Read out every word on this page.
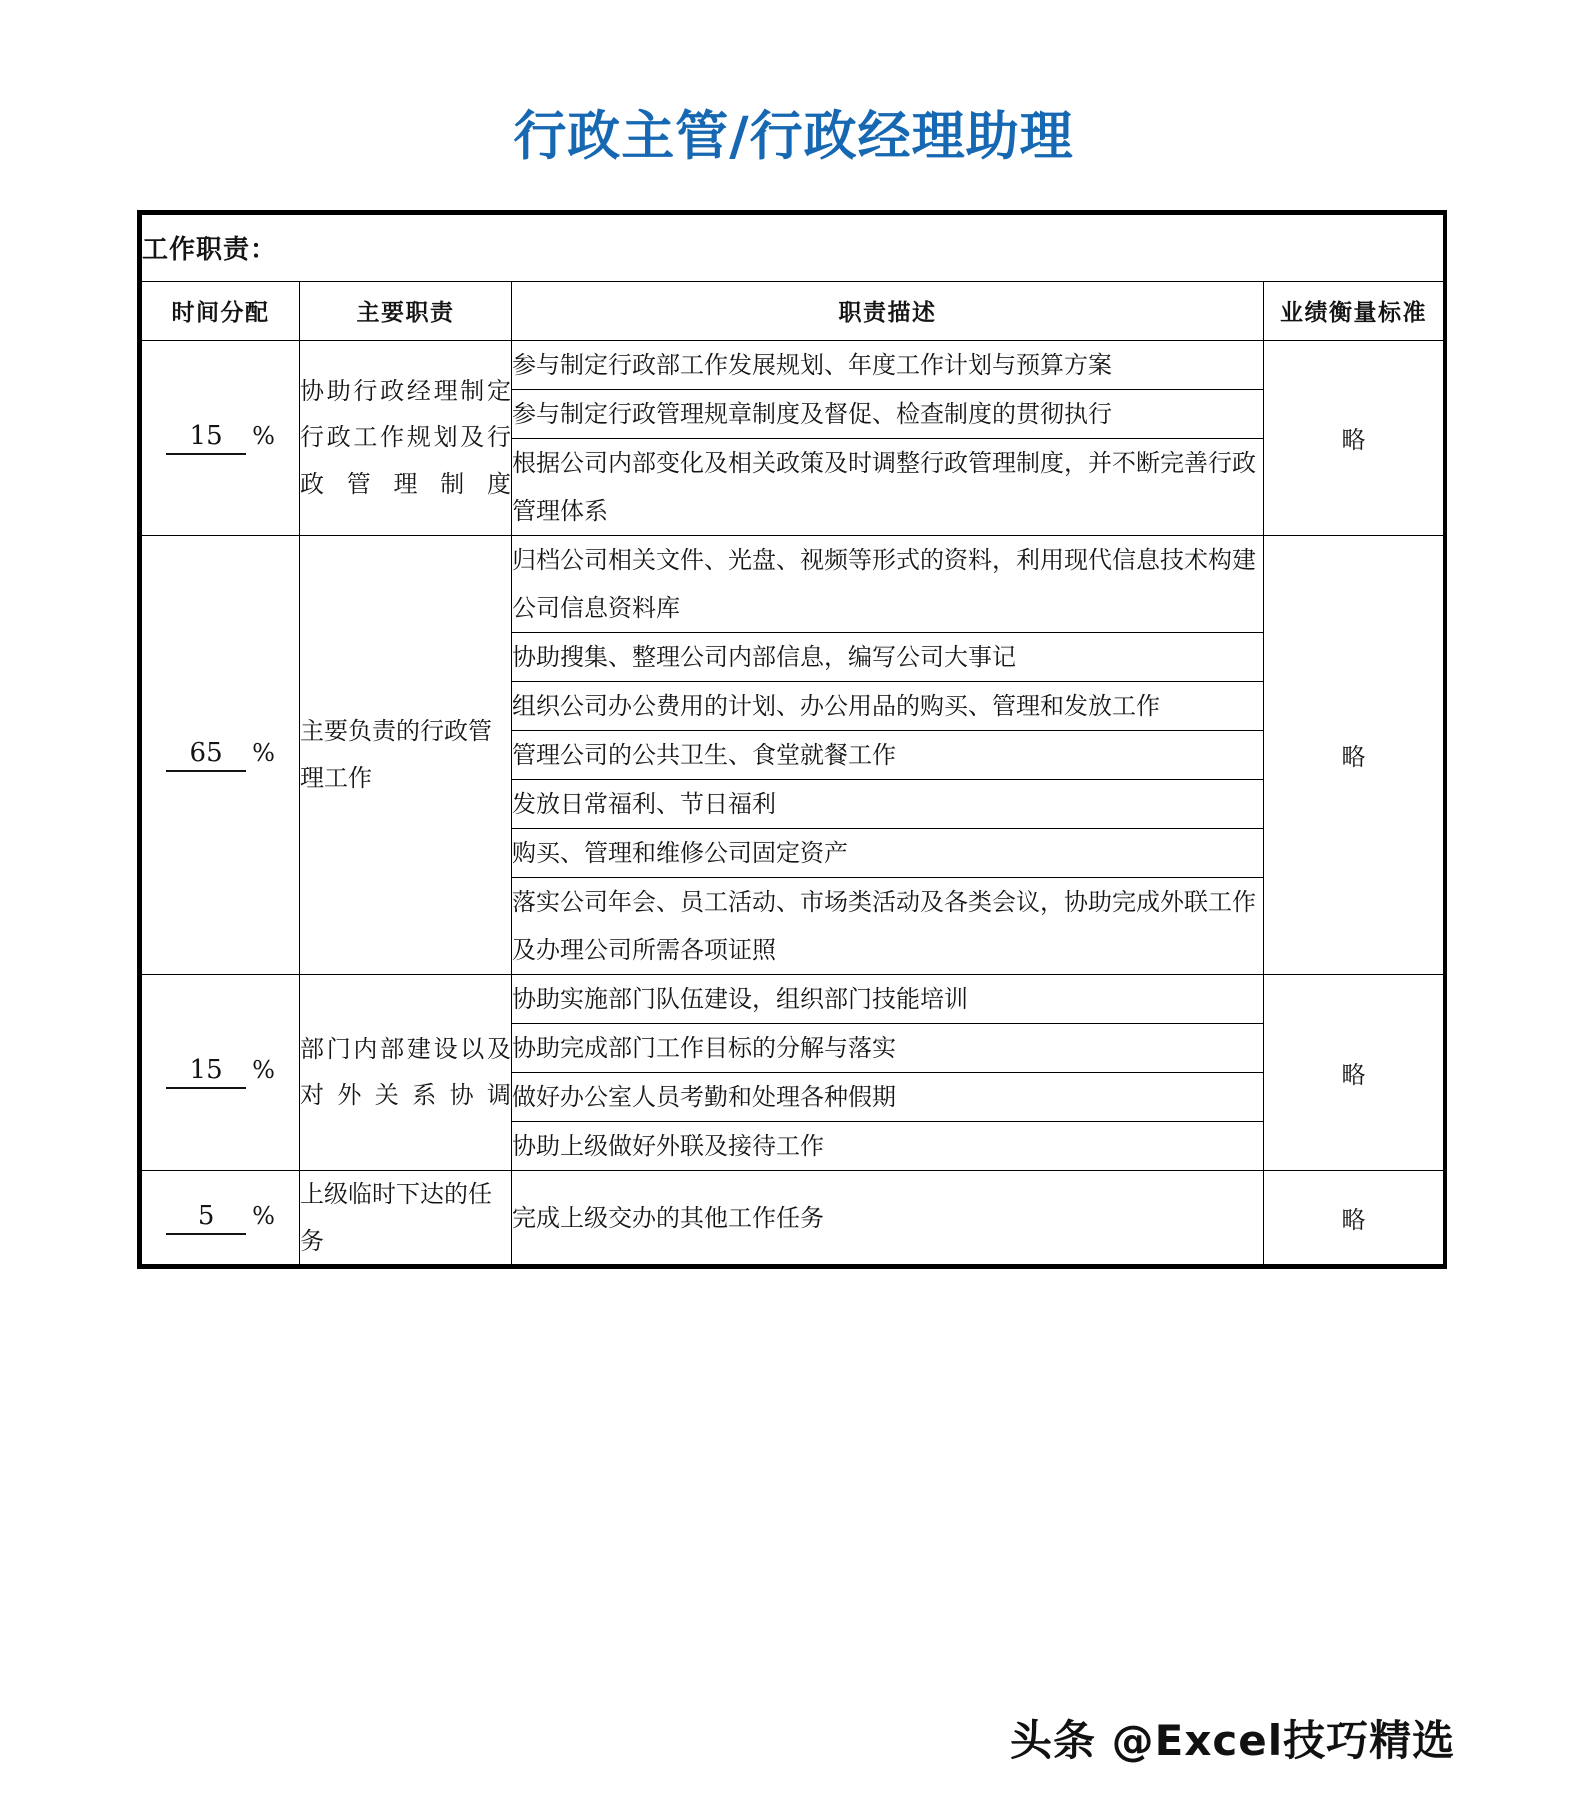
行政主管/行政经理助理
工作职责：			
时间分配	主要职责	职责描述	业绩衡量标准
15 %	协助行政经理制定行政工作规划及行政管理制度	参与制定行政部工作发展规划、年度工作计划与预算方案	略

		参与制定行政管理规章制度及督促、检查制度的贯彻执行	

		根据公司内部变化及相关政策及时调整行政管理制度，并不断完善行政管理体系	

65 %	主要负责的行政管理工作	归档公司相关文件、光盘、视频等形式的资料，利用现代信息技术构建公司信息资料库	略

		协助搜集、整理公司内部信息，编写公司大事记	

		组织公司办公费用的计划、办公用品的购买、管理和发放工作	

		管理公司的公共卫生、食堂就餐工作	

		发放日常福利、节日福利	

		购买、管理和维修公司固定资产	

		落实公司年会、员工活动、市场类活动及各类会议，协助完成外联工作及办理公司所需各项证照	

15 %	部门内部建设以及对外关系协调	协助实施部门队伍建设，组织部门技能培训	略

		协助完成部门工作目标的分解与落实	

		做好办公室人员考勤和处理各种假期	

		协助上级做好外联及接待工作	

5 %	上级临时下达的任务	完成上级交办的其他工作任务	略
头条 @Excel技巧精选
